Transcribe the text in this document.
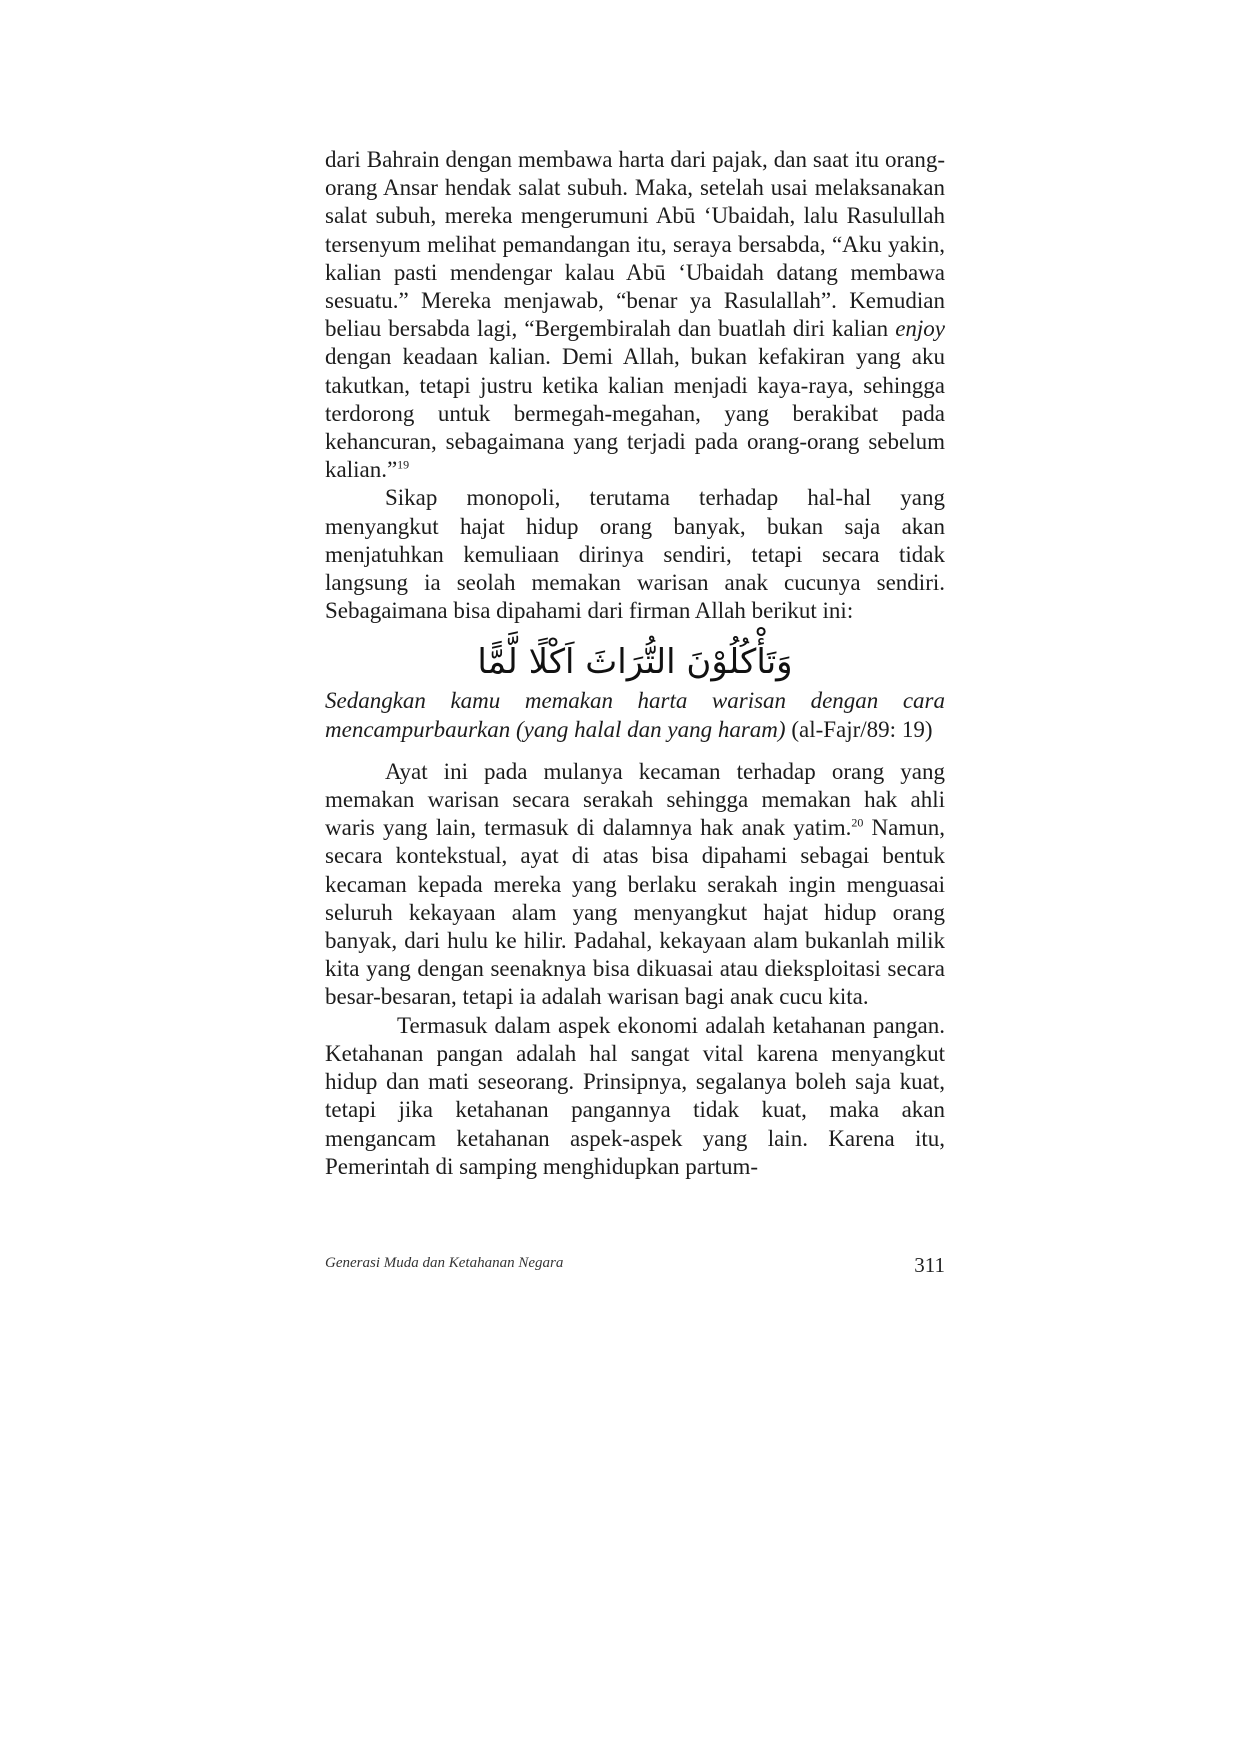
dari Bahrain dengan membawa harta dari pajak, dan saat itu orang-orang Ansar hendak salat subuh. Maka, setelah usai melaksanakan salat subuh, mereka mengerumuni Abū ‘Ubaidah, lalu Rasulullah tersenyum melihat pemandangan itu, seraya bersabda, “Aku yakin, kalian pasti mendengar kalau Abū ‘Ubaidah datang membawa sesuatu.” Mereka menjawab, “benar ya Rasulallah”. Kemudian beliau bersabda lagi, “Bergembiralah dan buatlah diri kalian enjoy dengan keadaan kalian. Demi Allah, bukan kefakiran yang aku takutkan, tetapi justru ketika kalian menjadi kaya-raya, sehingga terdorong untuk bermegah-megahan, yang berakibat pada kehancuran, sebagaimana yang terjadi pada orang-orang sebelum kalian.”$^{19}$

Sikap monopoli, terutama terhadap hal-hal yang menyangkut hajat hidup orang banyak, bukan saja akan menjatuhkan kemuliaan dirinya sendiri, tetapi secara tidak langsung ia seolah memakan warisan anak cucunya sendiri. Sebagaimana bisa dipahami dari firman Allah berikut ini:

وَتَأْكُلُوْنَ التُّرَاثَ اَكْلًا لَّمًّا

Sedangkan kamu memakan harta warisan dengan cara mencampurbaurkan (yang halal dan yang haram) (al-Fajr/89: 19)

Ayat ini pada mulanya kecaman terhadap orang yang memakan warisan secara serakah sehingga memakan hak ahli waris yang lain, termasuk di dalamnya hak anak yatim.$^{20}$ Namun, secara kontekstual, ayat di atas bisa dipahami sebagai bentuk kecaman kepada mereka yang berlaku serakah ingin menguasai seluruh kekayaan alam yang menyangkut hajat hidup orang banyak, dari hulu ke hilir. Padahal, kekayaan alam bukanlah milik kita yang dengan seenaknya bisa dikuasai atau dieksploitasi secara besar-besaran, tetapi ia adalah warisan bagi anak cucu kita.

Termasuk dalam aspek ekonomi adalah ketahanan pangan. Ketahanan pangan adalah hal sangat vital karena menyangkut hidup dan mati seseorang. Prinsipnya, segalanya boleh saja kuat, tetapi jika ketahanan pangannya tidak kuat, maka akan mengancam ketahanan aspek-aspek yang lain. Karena itu, Pemerintah di samping menghidupkan partum-

Generasi Muda dan Ketahanan Negara	311
